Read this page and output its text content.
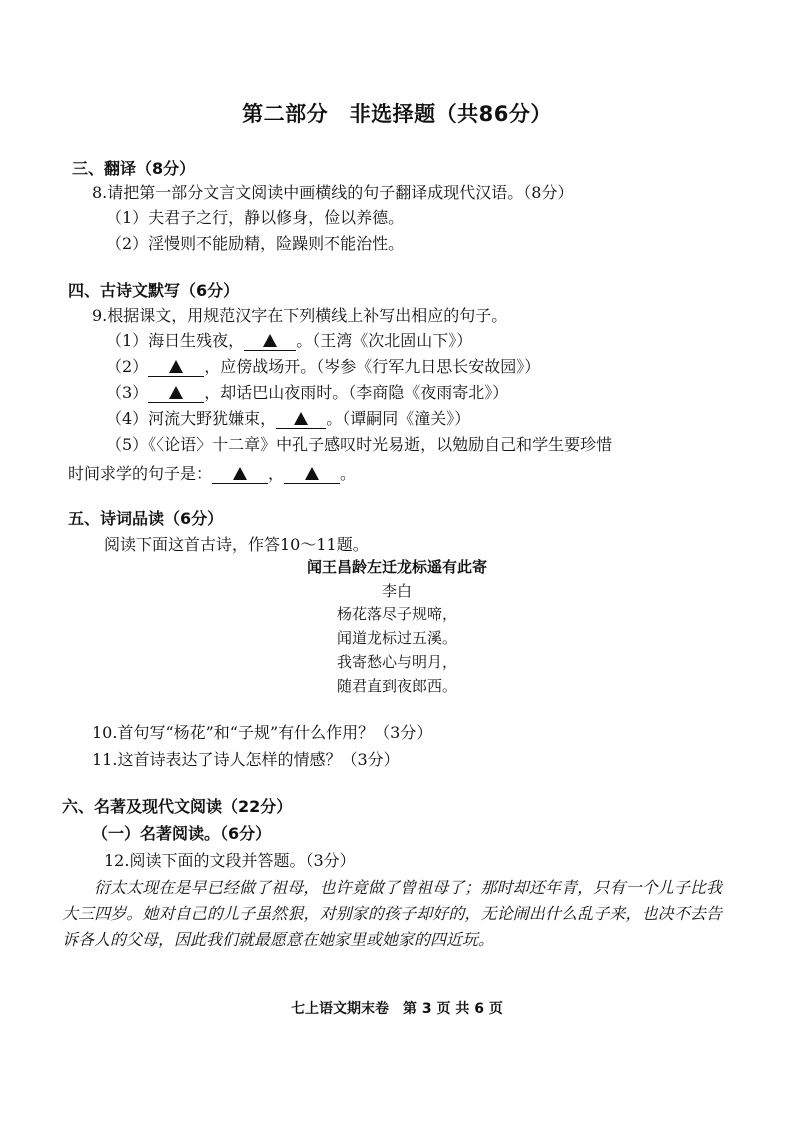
第二部分　非选择题（共86分）
三、翻译（8分）
8.请把第一部分文言文阅读中画横线的句子翻译成现代汉语。（8分）
（1）夫君子之行，静以修身，俭以养德。
（2）淫慢则不能励精，险躁则不能治性。
四、古诗文默写（6分）
9.根据课文，用规范汉字在下列横线上补写出相应的句子。
（1）海日生残夜，	。（王湾《次北固山下》）
（2）	，应傍战场开。（岑参《行军九日思长安故园》）
（3）	，却话巴山夜雨时。（李商隐《夜雨寄北》）
（4）河流大野犹嫌束，	。（谭嗣同《潼关》）
（5）《〈论语〉十二章》中孔子感叹时光易逝，以勉励自己和学生要珍惜
时间求学的句子是：	，	。
五、诗词品读（6分）
阅读下面这首古诗，作答10～11题。
闻王昌龄左迁龙标遥有此寄
李白
杨花落尽子规啼，
闻道龙标过五溪。
我寄愁心与明月，
随君直到夜郎西。
10.首句写“杨花”和“子规”有什么作用？（3分）
11.这首诗表达了诗人怎样的情感？（3分）
六、名著及现代文阅读（22分）
（一）名著阅读。（6分）
12.阅读下面的文段并答题。（3分）
衍太太现在是早已经做了祖母，也许竟做了曾祖母了；那时却还年青，只有一个儿子比我大三四岁。她对自己的儿子虽然狠，对别家的孩子却好的，无论闹出什么乱子来，也决不去告诉各人的父母，因此我们就最愿意在她家里或她家的四近玩。
七上语文期末卷　第 3 页 共 6 页
